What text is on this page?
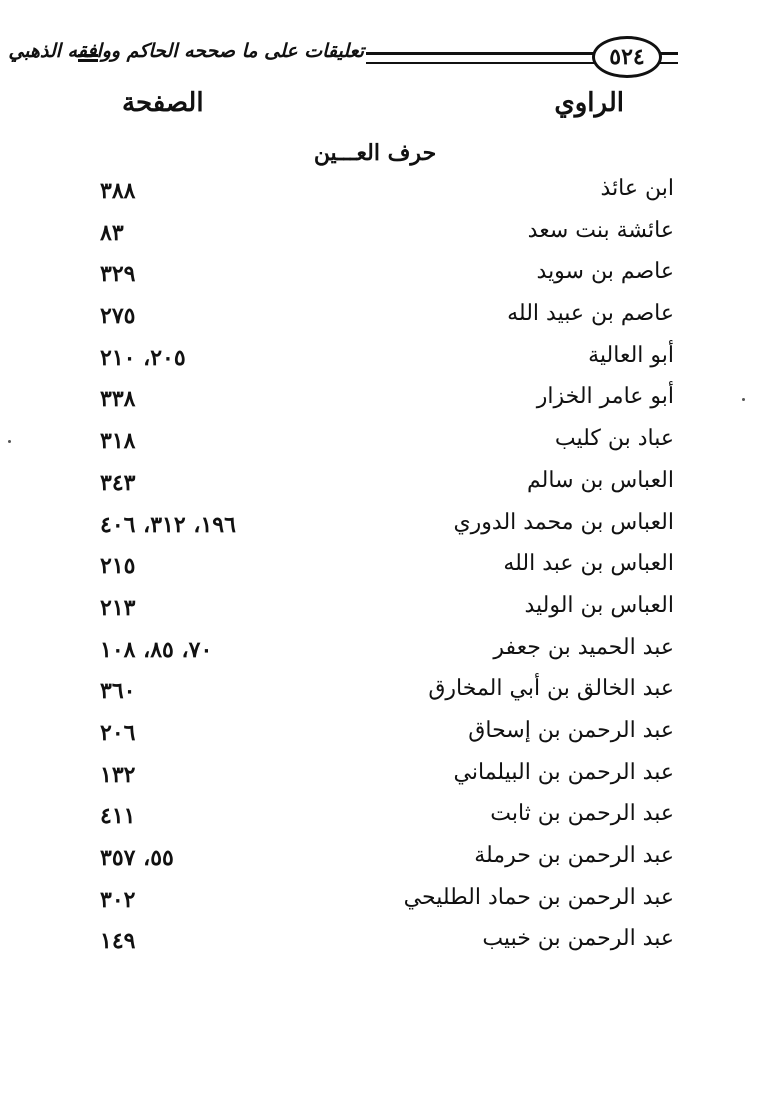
٥٢٤
تعليقات على ما صححه الحاكم ووافقه الذهبي
الراوي
الصفحة
حرف العـــين
ابن عائذ
٣٨٨
عائشة بنت سعد
٨٣
عاصم بن سويد
٣٢٩
عاصم بن عبيد الله
٢٧٥
أبو العالية
٢٠٥، ٢١٠
أبو عامر الخزار
٣٣٨
عباد بن كليب
٣١٨
العباس بن سالم
٣٤٣
العباس بن محمد الدوري
١٩٦، ٣١٢، ٤٠٦
العباس بن عبد الله
٢١٥
العباس بن الوليد
٢١٣
عبد الحميد بن جعفر
٧٠، ٨٥، ١٠٨
عبد الخالق بن أبي المخارق
٣٦٠
عبد الرحمن بن إسحاق
٢٠٦
عبد الرحمن بن البيلماني
١٣٢
عبد الرحمن بن ثابت
٤١١
عبد الرحمن بن حرملة
٥٥، ٣٥٧
عبد الرحمن بن حماد الطليحي
٣٠٢
عبد الرحمن بن خبيب
١٤٩
